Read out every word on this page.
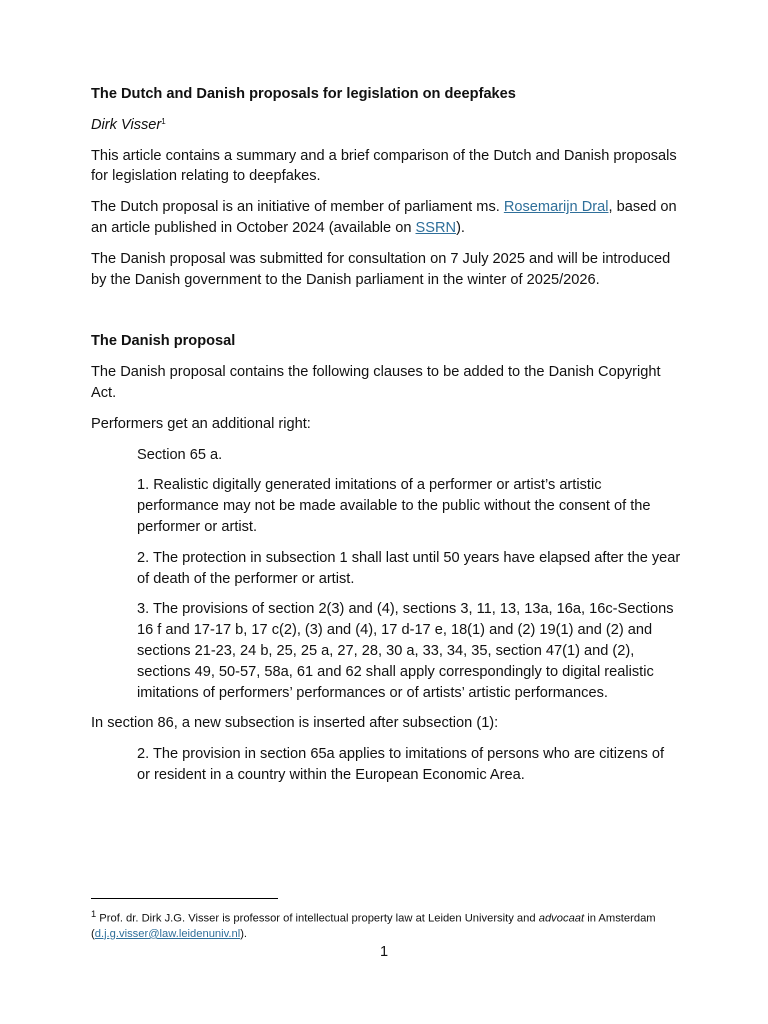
The Dutch and Danish proposals for legislation on deepfakes

Dirk Visser$^1$

This article contains a summary and a brief comparison of the Dutch and Danish proposals for legislation relating to deepfakes.

The Dutch proposal is an initiative of member of parliament ms. Rosemarijn Dral, based on an article published in October 2024 (available on SSRN).

The Danish proposal was submitted for consultation on 7 July 2025 and will be introduced by the Danish government to the Danish parliament in the winter of 2025/2026.

The Danish proposal

The Danish proposal contains the following clauses to be added to the Danish Copyright Act.

Performers get an additional right:

Section 65 a.

1. Realistic digitally generated imitations of a performer or artist’s artistic performance may not be made available to the public without the consent of the performer or artist.

2. The protection in subsection 1 shall last until 50 years have elapsed after the year of death of the performer or artist.

3. The provisions of section 2(3) and (4), sections 3, 11, 13, 13a, 16a, 16c-Sections 16 f and 17-17 b, 17 c(2), (3) and (4), 17 d-17 e, 18(1) and (2) 19(1) and (2) and sections 21-23, 24 b, 25, 25 a, 27, 28, 30 a, 33, 34, 35, section 47(1) and (2), sections 49, 50-57, 58a, 61 and 62 shall apply correspondingly to digital realistic imitations of performers’ performances or of artists’ artistic performances.

In section 86, a new subsection is inserted after subsection (1):

2. The provision in section 65a applies to imitations of persons who are citizens of or resident in a country within the European Economic Area.

$^1$ Prof. dr. Dirk J.G. Visser is professor of intellectual property law at Leiden University and advocaat in Amsterdam (d.j.g.visser@law.leidenuniv.nl).
1
